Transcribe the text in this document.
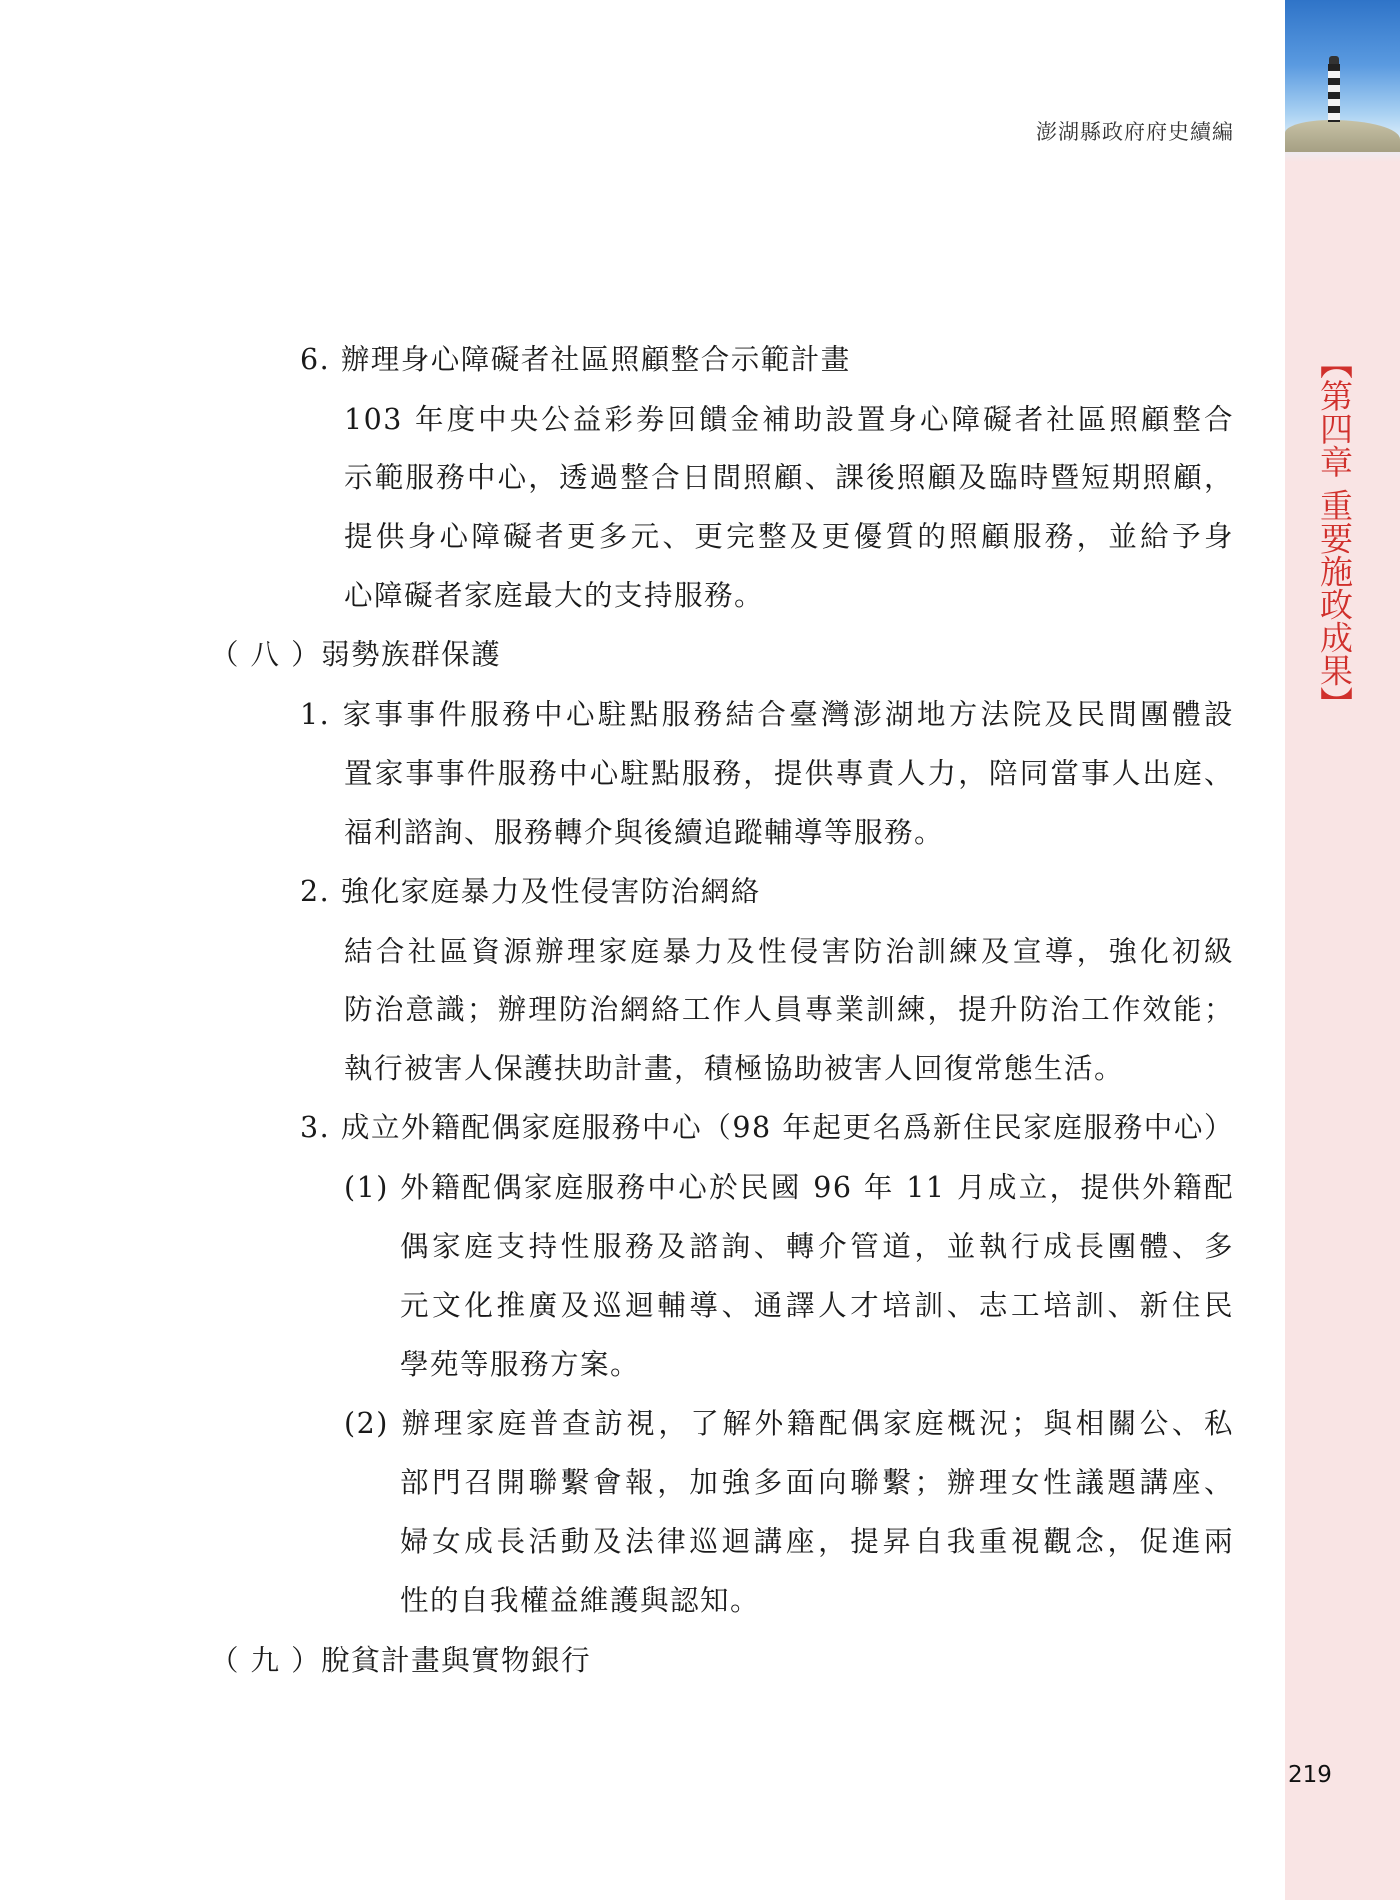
澎湖縣政府府史續編
【第四章 重要施政成果】
219
6. 辦理身心障礙者社區照顧整合示範計畫
103 年度中央公益彩劵回饋金補助設置身心障礙者社區照顧整合
示範服務中心，透過整合日間照顧、課後照顧及臨時暨短期照顧，
提供身心障礙者更多元、更完整及更優質的照顧服務，並給予身
心障礙者家庭最大的支持服務。
（ 八 ）弱勢族群保護
1. 家事事件服務中心駐點服務結合臺灣澎湖地方法院及民間團體設
置家事事件服務中心駐點服務，提供專責人力，陪同當事人出庭、
福利諮詢、服務轉介與後續追蹤輔導等服務。
2. 強化家庭暴力及性侵害防治網絡
結合社區資源辦理家庭暴力及性侵害防治訓練及宣導，強化初級
防治意識；辦理防治網絡工作人員專業訓練，提升防治工作效能；
執行被害人保護扶助計畫，積極協助被害人回復常態生活。
3. 成立外籍配偶家庭服務中心（98 年起更名爲新住民家庭服務中心）
(1) 外籍配偶家庭服務中心於民國 96 年 11 月成立，提供外籍配
偶家庭支持性服務及諮詢、轉介管道，並執行成長團體、多
元文化推廣及巡迴輔導、通譯人才培訓、志工培訓、新住民
學苑等服務方案。
(2) 辦理家庭普查訪視，了解外籍配偶家庭概況；與相關公、私
部門召開聯繫會報，加強多面向聯繫；辦理女性議題講座、
婦女成長活動及法律巡迴講座，提昇自我重視觀念，促進兩
性的自我權益維護與認知。
（ 九 ）脫貧計畫與實物銀行
